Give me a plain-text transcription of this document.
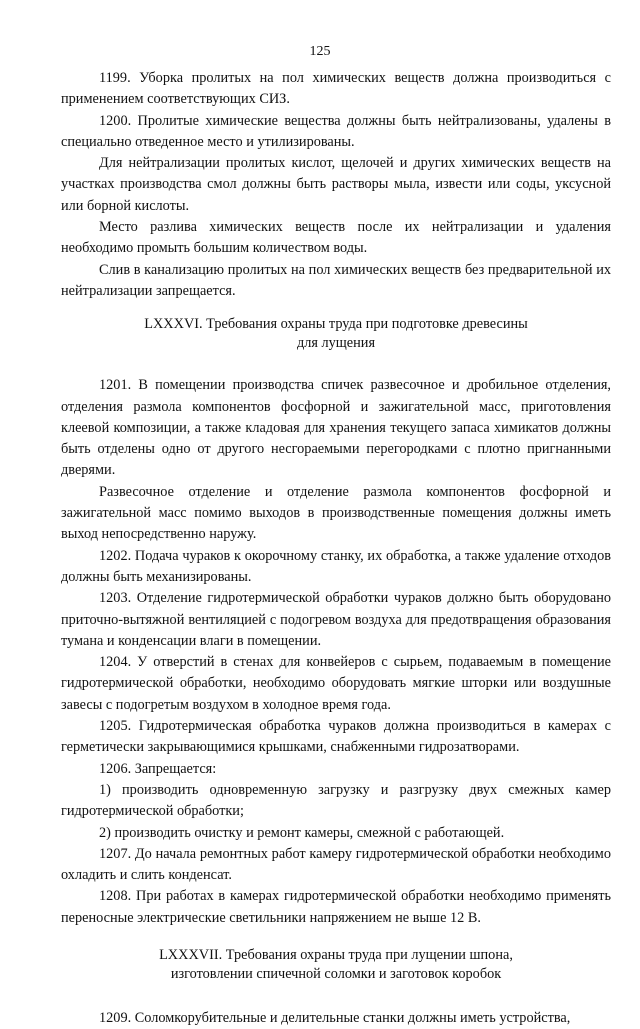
125

1199. Уборка пролитых на пол химических веществ должна производиться с применением соответствующих СИЗ.

1200. Пролитые химические вещества должны быть нейтрализованы, удалены в специально отведенное место и утилизированы.

Для нейтрализации пролитых кислот, щелочей и других химических веществ на участках производства смол должны быть растворы мыла, извести или соды, уксусной или борной кислоты.

Место разлива химических веществ после их нейтрализации и удаления необходимо промыть большим количеством воды.

Слив в канализацию пролитых на пол химических веществ без предварительной их нейтрализации запрещается.

LXXXVI. Требования охраны труда при подготовке древесины
для лущения

1201. В помещении производства спичек развесочное и дробильное отделения, отделения размола компонентов фосфорной и зажигательной масс, приготовления клеевой композиции, а также кладовая для хранения текущего запаса химикатов должны быть отделены одно от другого несгораемыми перегородками с плотно пригнанными дверями.

Развесочное отделение и отделение размола компонентов фосфорной и зажигательной масс помимо выходов в производственные помещения должны иметь выход непосредственно наружу.

1202. Подача чураков к окорочному станку, их обработка, а также удаление отходов должны быть механизированы.

1203. Отделение гидротермической обработки чураков должно быть оборудовано приточно-вытяжной вентиляцией с подогревом воздуха для предотвращения образования тумана и конденсации влаги в помещении.

1204. У отверстий в стенах для конвейеров с сырьем, подаваемым в помещение гидротермической обработки, необходимо оборудовать мягкие шторки или воздушные завесы с подогретым воздухом в холодное время года.

1205. Гидротермическая обработка чураков должна производиться в камерах с герметически закрывающимися крышками, снабженными гидрозатворами.

1206. Запрещается:

1) производить одновременную загрузку и разгрузку двух смежных камер гидротермической обработки;

2) производить очистку и ремонт камеры, смежной с работающей.

1207. До начала ремонтных работ камеру гидротермической обработки необходимо охладить и слить конденсат.

1208. При работах в камерах гидротермической обработки необходимо применять переносные электрические светильники напряжением не выше 12 В.

LXXXVII. Требования охраны труда при лущении шпона,
изготовлении спичечной соломки и заготовок коробок

1209. Соломкорубительные и делительные станки должны иметь устройства,
